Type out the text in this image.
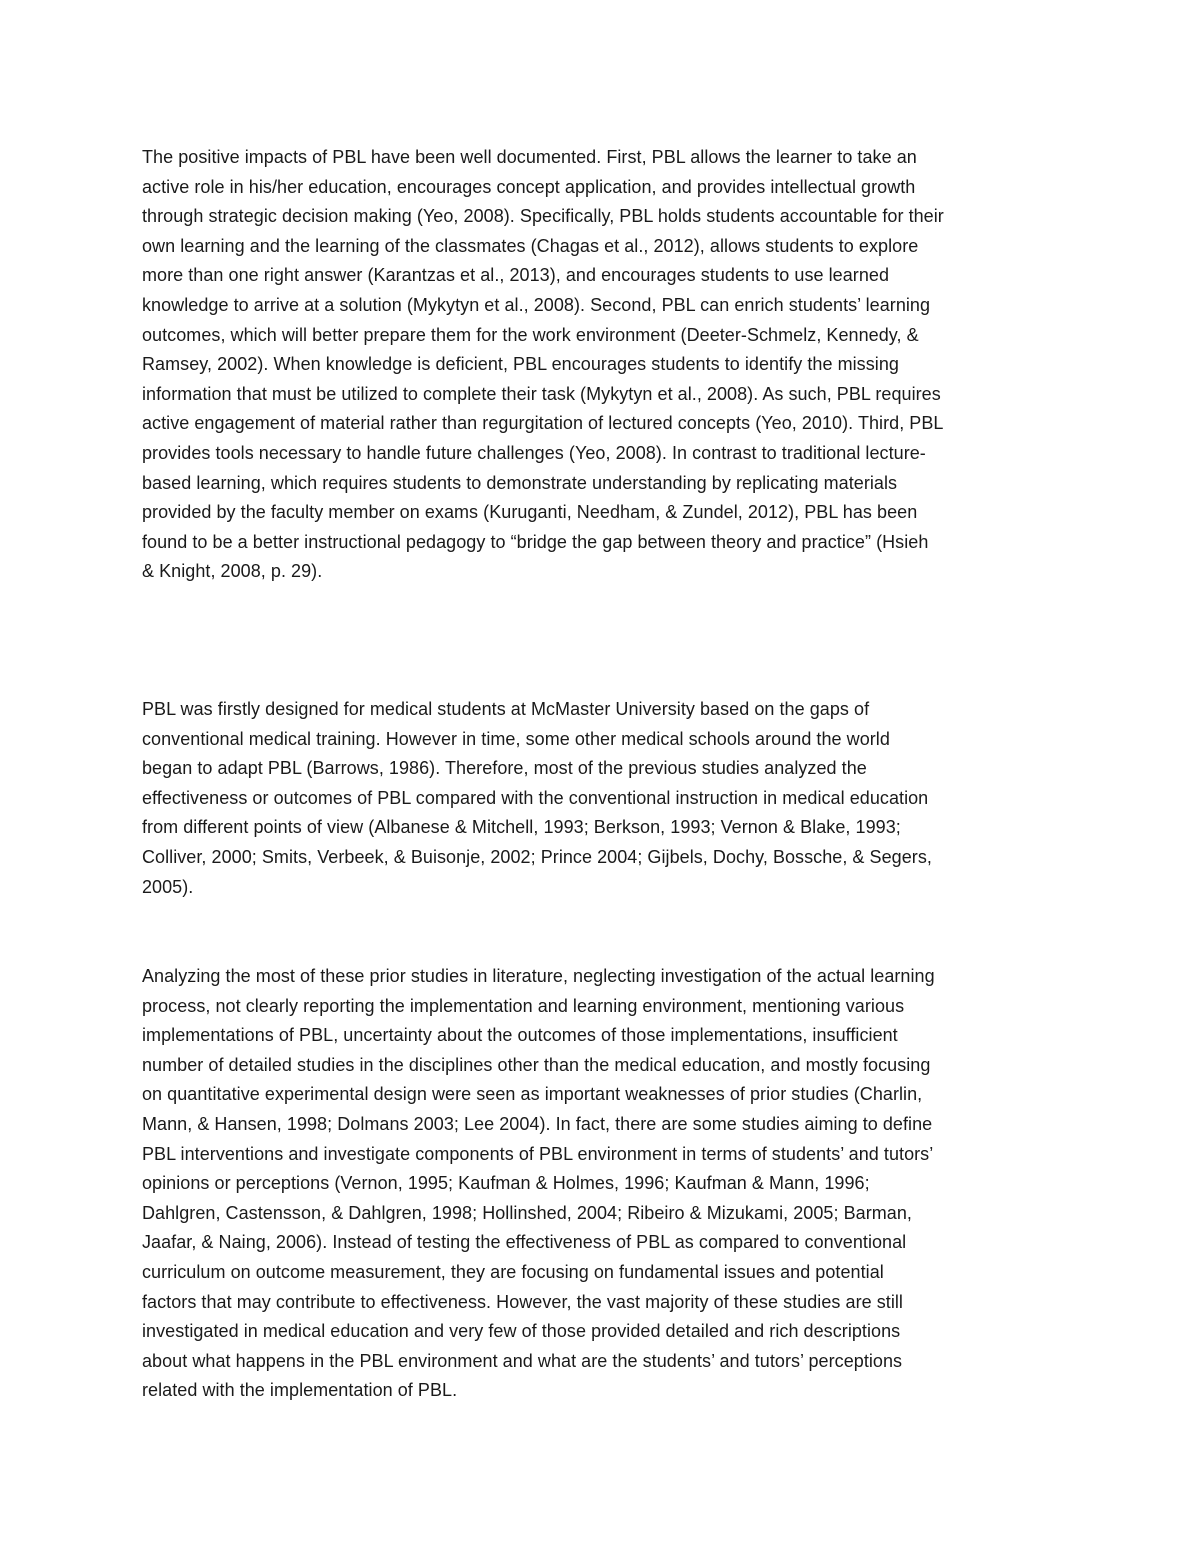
The positive impacts of PBL have been well documented. First, PBL allows the learner to take an
active role in his/her education, encourages concept application, and provides intellectual growth
through strategic decision making (Yeo, 2008). Specifically, PBL holds students accountable for their
own learning and the learning of the classmates (Chagas et al., 2012), allows students to explore
more than one right answer (Karantzas et al., 2013), and encourages students to use learned
knowledge to arrive at a solution (Mykytyn et al., 2008). Second, PBL can enrich students’ learning
outcomes, which will better prepare them for the work environment (Deeter-Schmelz, Kennedy, &
Ramsey, 2002). When knowledge is deficient, PBL encourages students to identify the missing
information that must be utilized to complete their task (Mykytyn et al., 2008). As such, PBL requires
active engagement of material rather than regurgitation of lectured concepts (Yeo, 2010). Third, PBL
provides tools necessary to handle future challenges (Yeo, 2008). In contrast to traditional lecture-
based learning, which requires students to demonstrate understanding by replicating materials
provided by the faculty member on exams (Kuruganti, Needham, & Zundel, 2012), PBL has been
found to be a better instructional pedagogy to “bridge the gap between theory and practice” (Hsieh
& Knight, 2008, p. 29).

PBL was firstly designed for medical students at McMaster University based on the gaps of
conventional medical training. However in time, some other medical schools around the world
began to adapt PBL (Barrows, 1986). Therefore, most of the previous studies analyzed the
effectiveness or outcomes of PBL compared with the conventional instruction in medical education
from different points of view (Albanese & Mitchell, 1993; Berkson, 1993; Vernon & Blake, 1993;
Colliver, 2000; Smits, Verbeek, & Buisonje, 2002; Prince 2004; Gijbels, Dochy, Bossche, & Segers,
2005).

Analyzing the most of these prior studies in literature, neglecting investigation of the actual learning
process, not clearly reporting the implementation and learning environment, mentioning various
implementations of PBL, uncertainty about the outcomes of those implementations, insufficient
number of detailed studies in the disciplines other than the medical education, and mostly focusing
on quantitative experimental design were seen as important weaknesses of prior studies (Charlin,
Mann, & Hansen, 1998; Dolmans 2003; Lee 2004). In fact, there are some studies aiming to define
PBL interventions and investigate components of PBL environment in terms of students’ and tutors’
opinions or perceptions (Vernon, 1995; Kaufman & Holmes, 1996; Kaufman & Mann, 1996;
Dahlgren, Castensson, & Dahlgren, 1998; Hollinshed, 2004; Ribeiro & Mizukami, 2005; Barman,
Jaafar, & Naing, 2006). Instead of testing the effectiveness of PBL as compared to conventional
curriculum on outcome measurement, they are focusing on fundamental issues and potential
factors that may contribute to effectiveness. However, the vast majority of these studies are still
investigated in medical education and very few of those provided detailed and rich descriptions
about what happens in the PBL environment and what are the students’ and tutors’ perceptions
related with the implementation of PBL.
